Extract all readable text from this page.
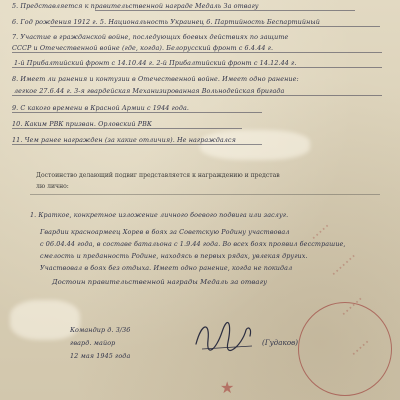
5. Представляется к правительственной награде Медаль За отвагу
6. Год рождения 1912 г. 5. Национальность Украинец 6. Партийность Беспартийный
7. Участие в гражданской войне, последующих боевых действиях по защите
СССР и Отечественной войне (где, когда). Белорусский фронт с 6.4.44 г.
1-й Прибалтийский фронт с 14.10.44 г. 2-й Прибалтийский фронт с 14.12.44 г.
8. Имеет ли ранения и контузии в Отечественной войне. Имеет одно ранение:
легкое 27.6.44 г. 3-я гвардейская Механизированная Вольнодейская бригада
9. С какого времени в Красной Армии с 1944 года.
10. Каким РВК призван. Орловский РВК
11. Чем ранее награжден (за какие отличия). Не награждался
Достоинство делающий подвиг представляется к награждению и представ
лю лично:
1. Краткое, конкретное изложение личного боевого подвига или заслуг.
Гвардии красноармеец Хорев в боях за Советскую Родину участвовал
с 06.04.44 года, в составе батальона с 1.9.44 года. Во всех боях проявил бесстрашие,
смелость и преданность Родине, находясь в первых рядах, увлекая других.
Участвовал в боях без отдыха. Имеет одно ранение, когда не покидал
Достоин правительственной награды Медаль за отвагу
Командир д. 3/36
гвард. майор
12 мая 1945 года
(Гудаков)
★
·····
·······
······
·····
